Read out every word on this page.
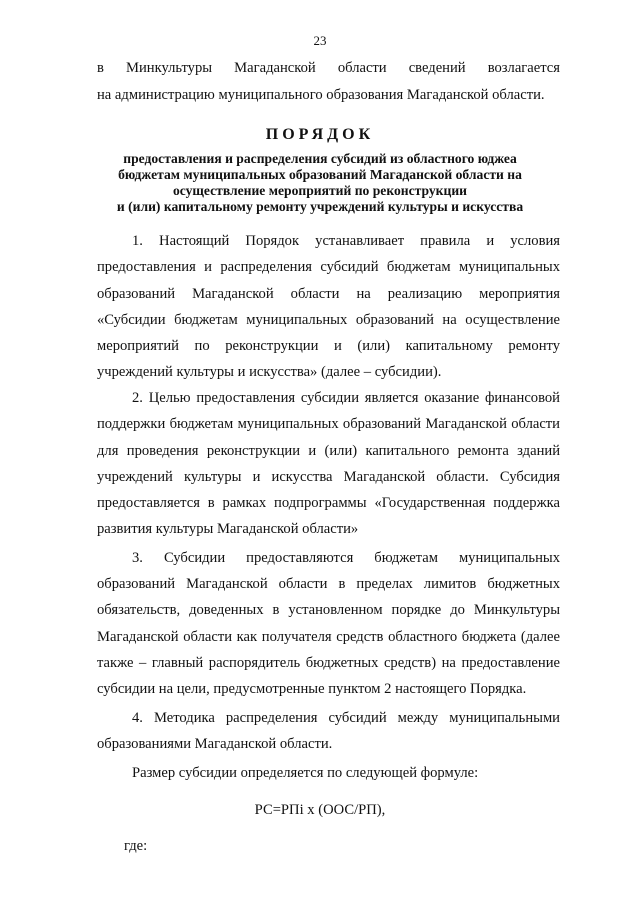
23
в Минкультуры Магаданской области сведений возлагается
на администрацию муниципального образования Магаданской области.
ПОРЯДОК
предоставления и распределения субсидий из областного юджеа
бюджетам муниципальных образований Магаданской области на
осуществление мероприятий по реконструкции
и (или) капитальному ремонту учреждений культуры и искусства
1. Настоящий Порядок устанавливает правила и условия
предоставления и распределения субсидий бюджетам муниципальных
образований Магаданской области на реализацию мероприятия
«Субсидии бюджетам муниципальных образований на осуществление
мероприятий по реконструкции и (или) капитальному ремонту
учреждений культуры и искусства» (далее – субсидии).
2. Целью предоставления субсидии является оказание финансовой
поддержки бюджетам муниципальных образований Магаданской области
для проведения реконструкции и (или) капитального ремонта зданий
учреждений культуры и искусства Магаданской области. Субсидия
предоставляется в рамках подпрограммы «Государственная поддержка
развития культуры Магаданской области»
3. Субсидии предоставляются бюджетам муниципальных
образований Магаданской области в пределах лимитов бюджетных
обязательств, доведенных в установленном порядке до Минкультуры
Магаданской области как получателя средств областного бюджета (далее
также – главный распорядитель бюджетных средств) на предоставление
субсидии на цели, предусмотренные пунктом 2 настоящего Порядка.
4. Методика распределения субсидий между муниципальными
образованиями Магаданской области.
Размер субсидии определяется по следующей формуле:
РС=РПi х (ООС/РП),
где:
